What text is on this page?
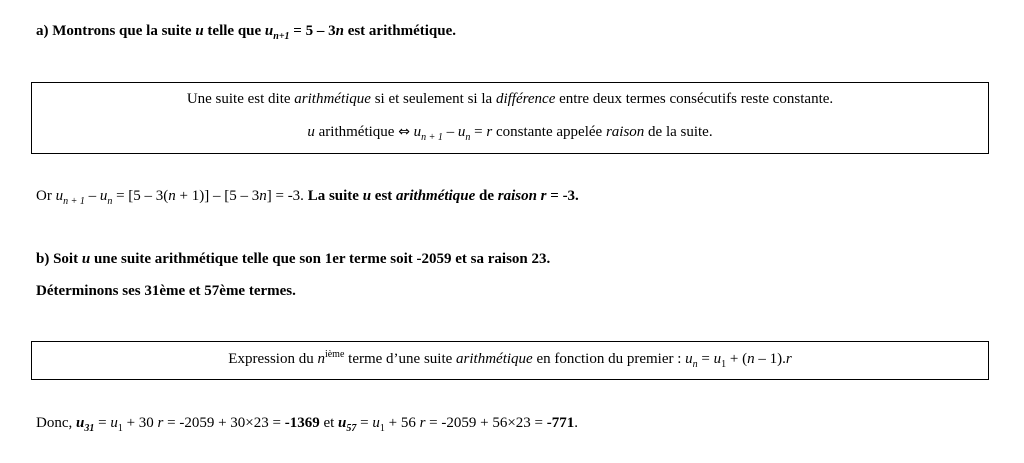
a) Montrons que la suite u telle que $u_{n+1} = 5 - 3n$ est arithmétique.
Une suite est dite arithmétique si et seulement si la différence entre deux termes consécutifs reste constante.
u arithmétique ⇔ $u_{n + 1} - u_n = r$ constante appelée raison de la suite.
Or $u_{n + 1} - u_n = [5 - 3(n + 1)] - [5 - 3n] = -3$. La suite u est arithmétique de raison r = -3.
b) Soit u une suite arithmétique telle que son 1er terme soit -2059 et sa raison 23.
Déterminons ses 31ème et 57ème termes.
Expression du $n^{ième}$ terme d’une suite arithmétique en fonction du premier : $u_n = u_1 + (n - 1).r$
Donc, $u_{31} = u_1 + 30$ r = -2059 + 30×23 = -1369 et $u_{57} = u_1 + 56$ r = -2059 + 56×23 = -771.
